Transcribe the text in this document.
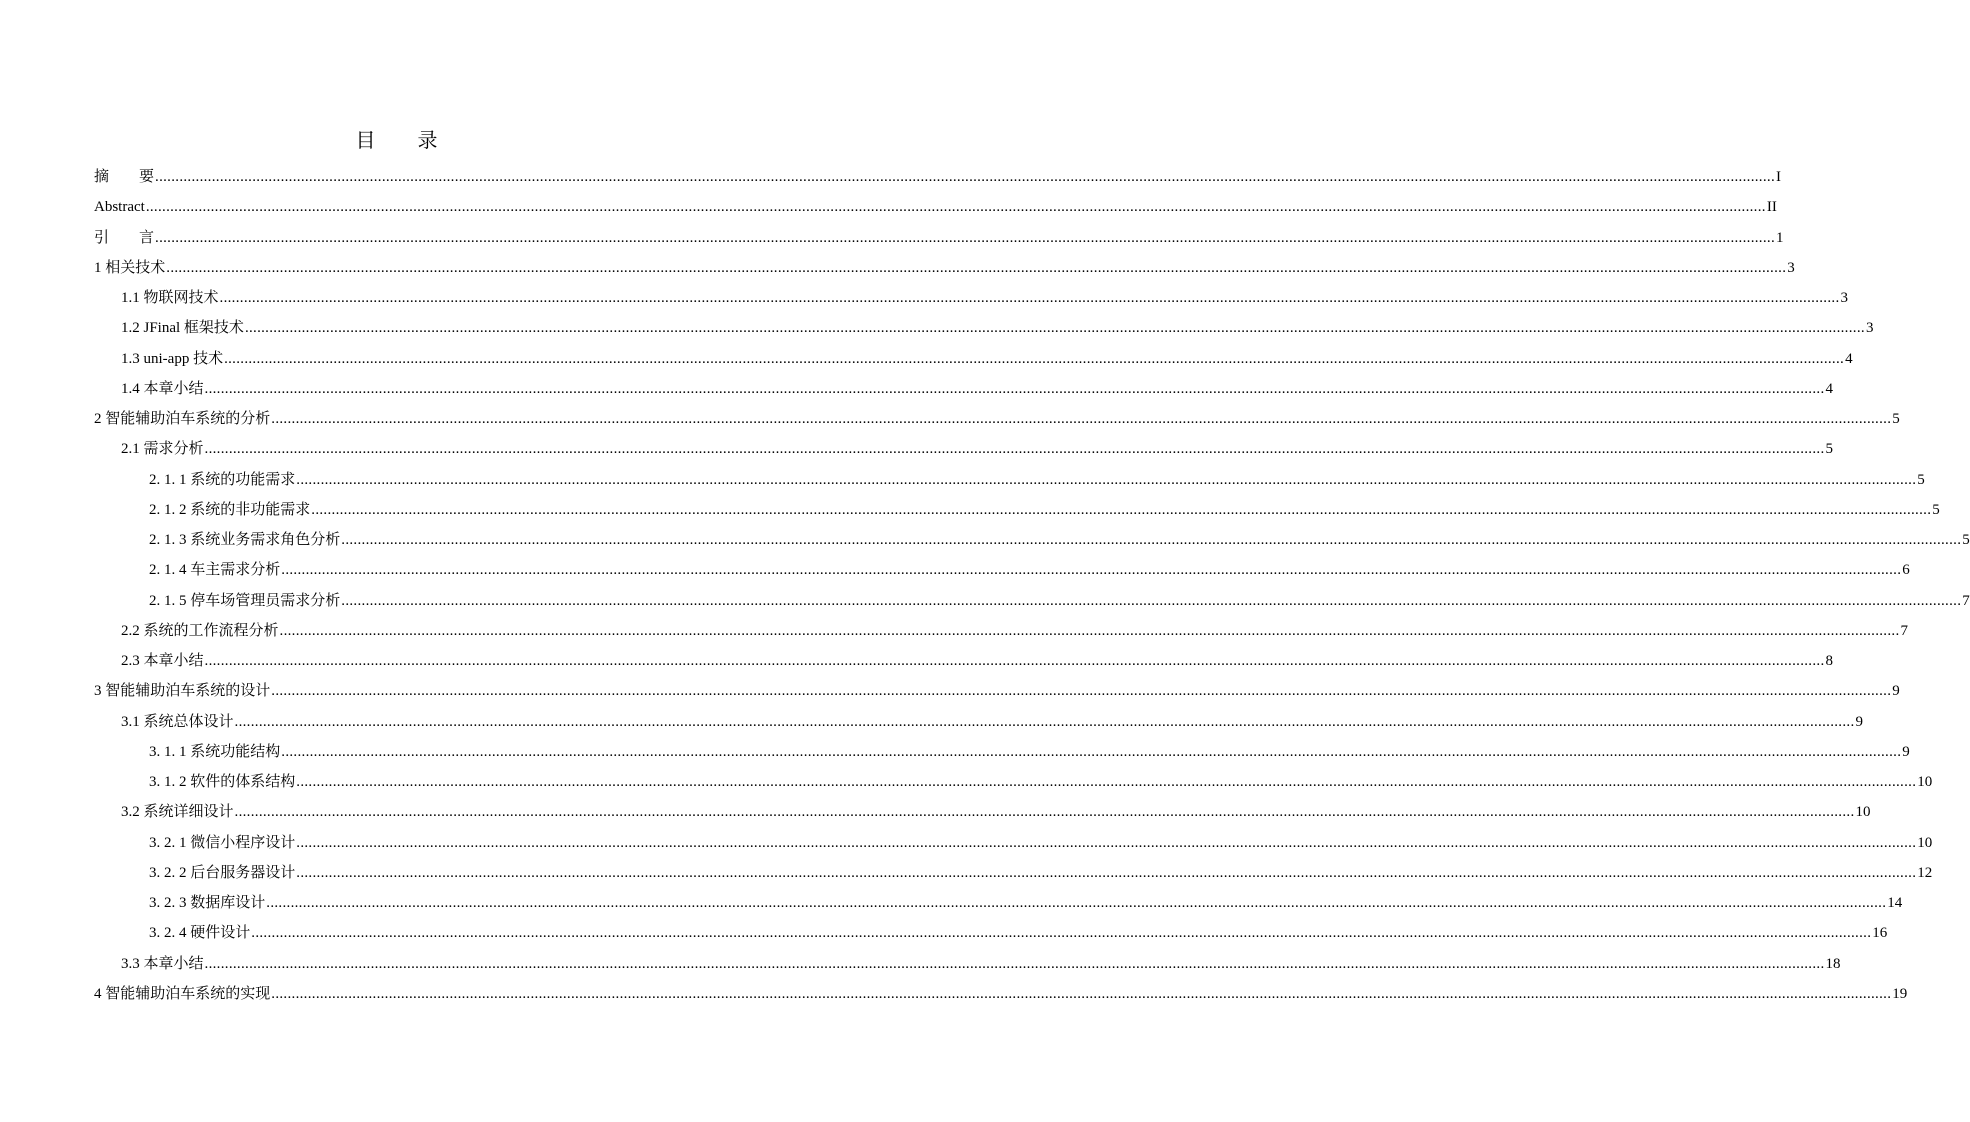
目 录
摘　　要 ................................................................................................................................................................................................................................................................................................................................................................................................................ I
Abstract ................................................................................................................................................................................................................................................................................................................................................................................................................ II
引　　言 ................................................................................................................................................................................................................................................................................................................................................................................................................ 1
1 相关技术 ................................................................................................................................................................................................................................................................................................................................................................................................................ 3
1.1 物联网技术 ................................................................................................................................................................................................................................................................................................................................................................................................................ 3
1.2 JFinal 框架技术 ................................................................................................................................................................................................................................................................................................................................................................................................................ 3
1.3 uni-app 技术 ................................................................................................................................................................................................................................................................................................................................................................................................................ 4
1.4 本章小结 ................................................................................................................................................................................................................................................................................................................................................................................................................ 4
2 智能辅助泊车系统的分析 ................................................................................................................................................................................................................................................................................................................................................................................................................ 5
2.1 需求分析 ................................................................................................................................................................................................................................................................................................................................................................................................................ 5
2. 1. 1 系统的功能需求 ................................................................................................................................................................................................................................................................................................................................................................................................................ 5
2. 1. 2 系统的非功能需求 ................................................................................................................................................................................................................................................................................................................................................................................................................ 5
2. 1. 3 系统业务需求角色分析 ................................................................................................................................................................................................................................................................................................................................................................................................................ 5
2. 1. 4 车主需求分析 ................................................................................................................................................................................................................................................................................................................................................................................................................ 6
2. 1. 5 停车场管理员需求分析 ................................................................................................................................................................................................................................................................................................................................................................................................................ 7
2.2 系统的工作流程分析 ................................................................................................................................................................................................................................................................................................................................................................................................................ 7
2.3 本章小结 ................................................................................................................................................................................................................................................................................................................................................................................................................ 8
3 智能辅助泊车系统的设计 ................................................................................................................................................................................................................................................................................................................................................................................................................ 9
3.1 系统总体设计 ................................................................................................................................................................................................................................................................................................................................................................................................................ 9
3. 1. 1 系统功能结构 ................................................................................................................................................................................................................................................................................................................................................................................................................ 9
3. 1. 2 软件的体系结构 ................................................................................................................................................................................................................................................................................................................................................................................................................ 10
3.2 系统详细设计 ................................................................................................................................................................................................................................................................................................................................................................................................................ 10
3. 2. 1 微信小程序设计 ................................................................................................................................................................................................................................................................................................................................................................................................................ 10
3. 2. 2 后台服务器设计 ................................................................................................................................................................................................................................................................................................................................................................................................................ 12
3. 2. 3 数据库设计 ................................................................................................................................................................................................................................................................................................................................................................................................................ 14
3. 2. 4 硬件设计 ................................................................................................................................................................................................................................................................................................................................................................................................................ 16
3.3 本章小结 ................................................................................................................................................................................................................................................................................................................................................................................................................ 18
4 智能辅助泊车系统的实现 ................................................................................................................................................................................................................................................................................................................................................................................................................ 19
